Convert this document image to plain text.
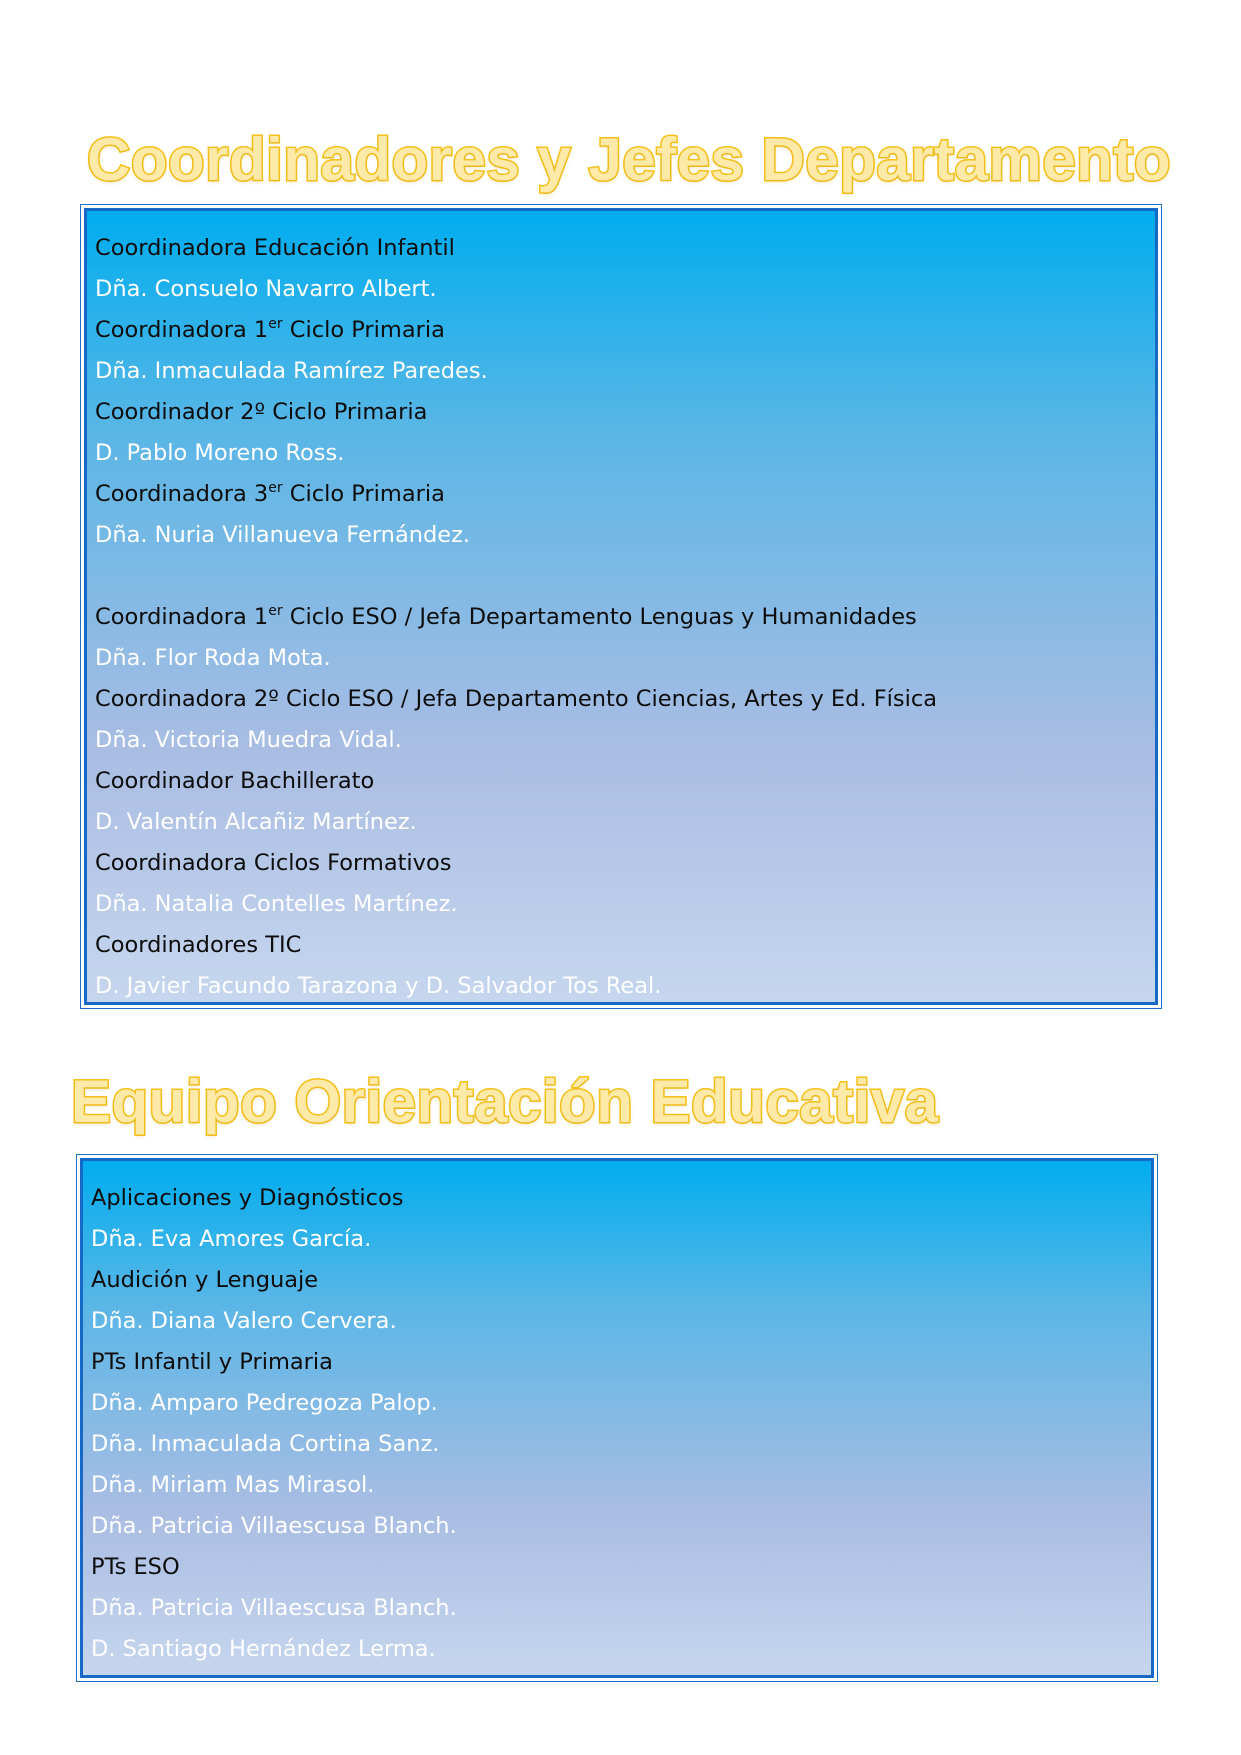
Coordinadores y Jefes Departamento
Coordinadora Educación Infantil
Dña. Consuelo Navarro Albert.
Coordinadora 1er Ciclo Primaria
Dña. Inmaculada Ramírez Paredes.
Coordinador 2º Ciclo Primaria
D. Pablo Moreno Ross.
Coordinadora 3er Ciclo Primaria
Dña. Nuria Villanueva Fernández.
Coordinadora 1er Ciclo ESO / Jefa Departamento Lenguas y Humanidades
Dña. Flor Roda Mota.
Coordinadora 2º Ciclo ESO / Jefa Departamento Ciencias, Artes y Ed. Física
Dña. Victoria Muedra Vidal.
Coordinador Bachillerato
D. Valentín Alcañiz Martínez.
Coordinadora Ciclos Formativos
Dña. Natalia Contelles Martínez.
Coordinadores TIC
D. Javier Facundo Tarazona y D. Salvador Tos Real.
Equipo Orientación Educativa
Aplicaciones y Diagnósticos
Dña. Eva Amores García.
Audición y Lenguaje
Dña. Diana Valero Cervera.
PTs Infantil y Primaria
Dña. Amparo Pedregoza Palop.
Dña. Inmaculada Cortina Sanz.
Dña. Miriam Mas Mirasol.
Dña. Patricia Villaescusa Blanch.
PTs ESO
Dña. Patricia Villaescusa Blanch.
D. Santiago Hernández Lerma.
